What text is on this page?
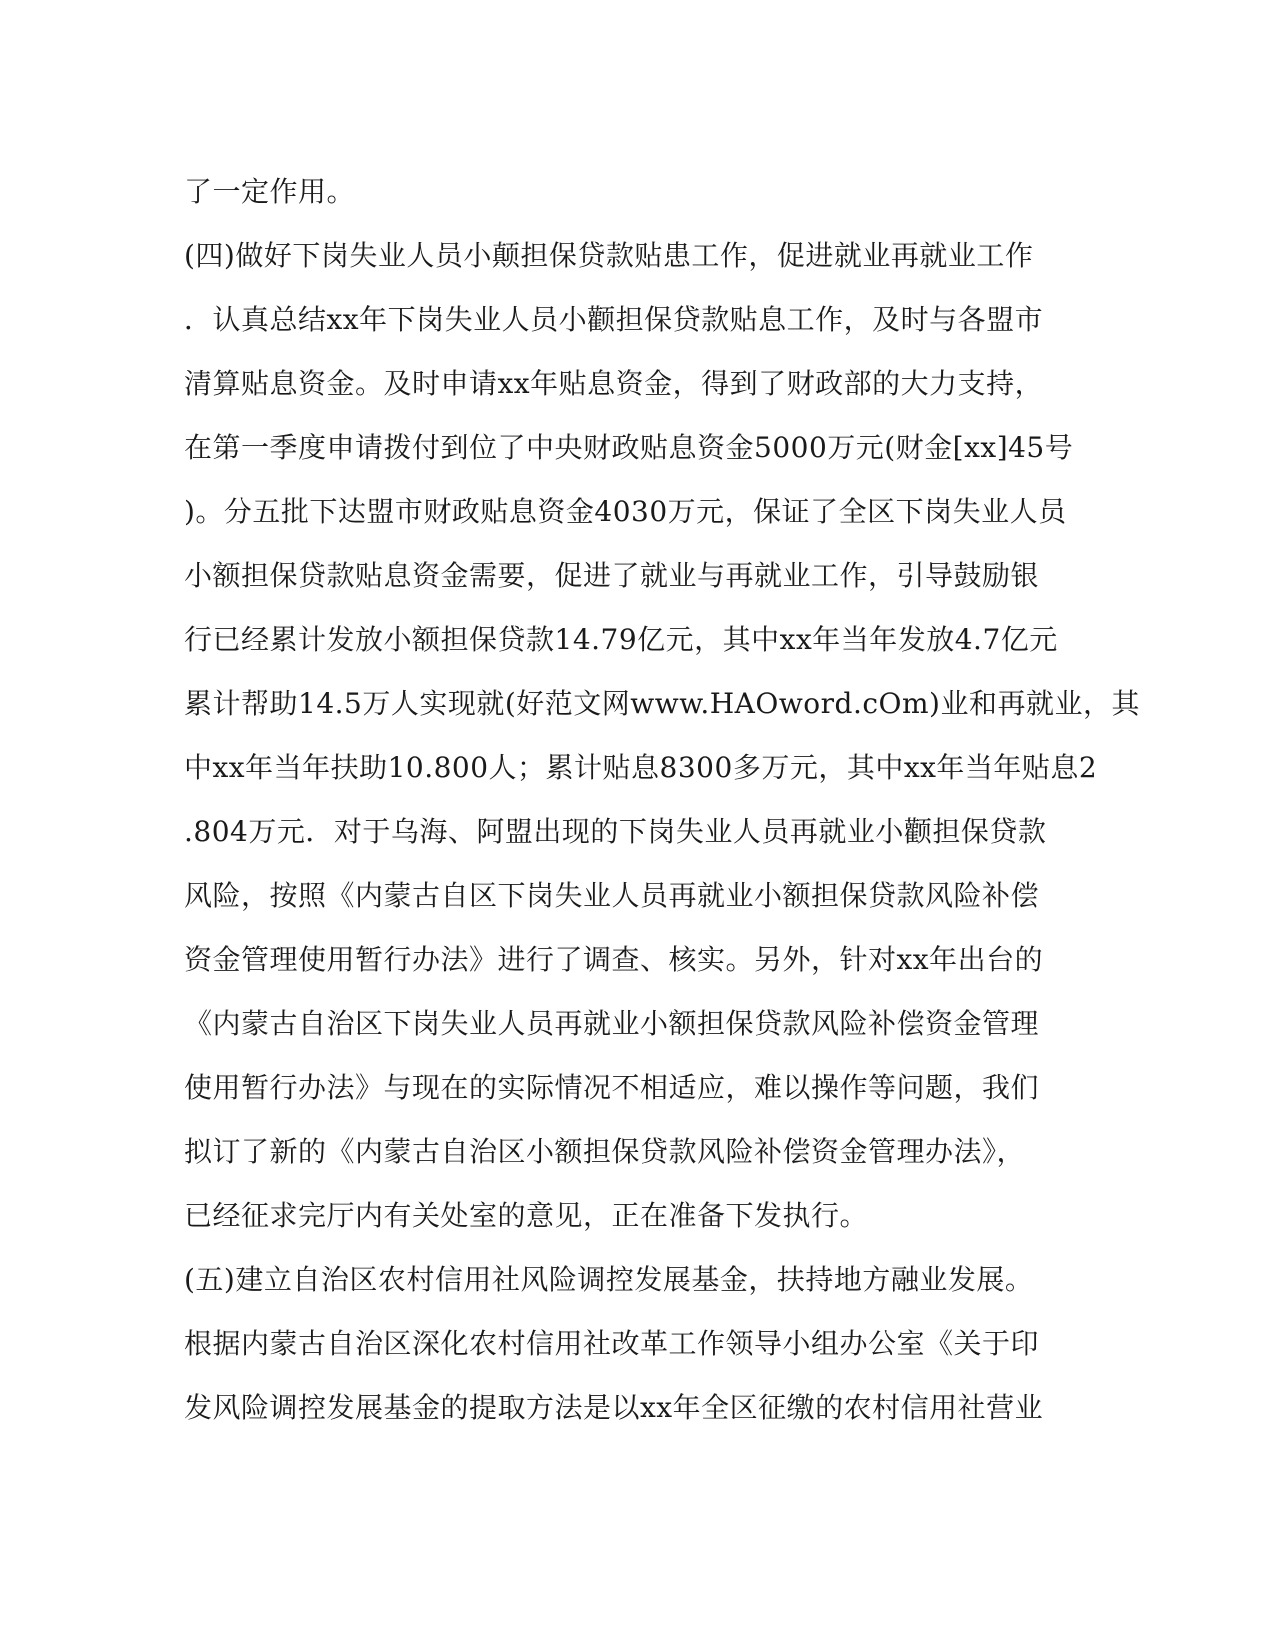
了一定作用。
(四)做好下岗失业人员小颠担保贷款贴患工作，促进就业再就业工作
．认真总结xx年下岗失业人员小颧担保贷款贴息工作，及时与各盟市
清算贴息资金。及时申请xx年贴息资金，得到了财政部的大力支持，
在第一季度申请拨付到位了中央财政贴息资金5000万元(财金[xx]45号
)。分五批下达盟市财政贴息资金4030万元，保证了全区下岗失业人员
小额担保贷款贴息资金需要，促进了就业与再就业工作，引导鼓励银
行已经累计发放小额担保贷款14.79亿元，其中xx年当年发放4.7亿元
累计帮助14.5万人实现就(好范文网www.HAOword.cOm)业和再就业，其
中xx年当年扶助10.800人；累计贴息8300多万元，其中xx年当年贴息2
.804万元．对于乌海、阿盟出现的下岗失业人员再就业小颧担保贷款
风险，按照《内蒙古自区下岗失业人员再就业小额担保贷款风险补偿
资金管理使用暂行办法》进行了调查、核实。另外，针对xx年出台的
《内蒙古自治区下岗失业人员再就业小额担保贷款风险补偿资金管理
使用暂行办法》与现在的实际情况不相适应，难以操作等问题，我们
拟订了新的《内蒙古自治区小额担保贷款风险补偿资金管理办法》，
已经征求完厅内有关处室的意见，正在准备下发执行。
(五)建立自治区农村信用社风险调控发展基金，扶持地方融业发展。
根据内蒙古自治区深化农村信用社改革工作领导小组办公室《关于印
发风险调控发展基金的提取方法是以xx年全区征缴的农村信用社营业
